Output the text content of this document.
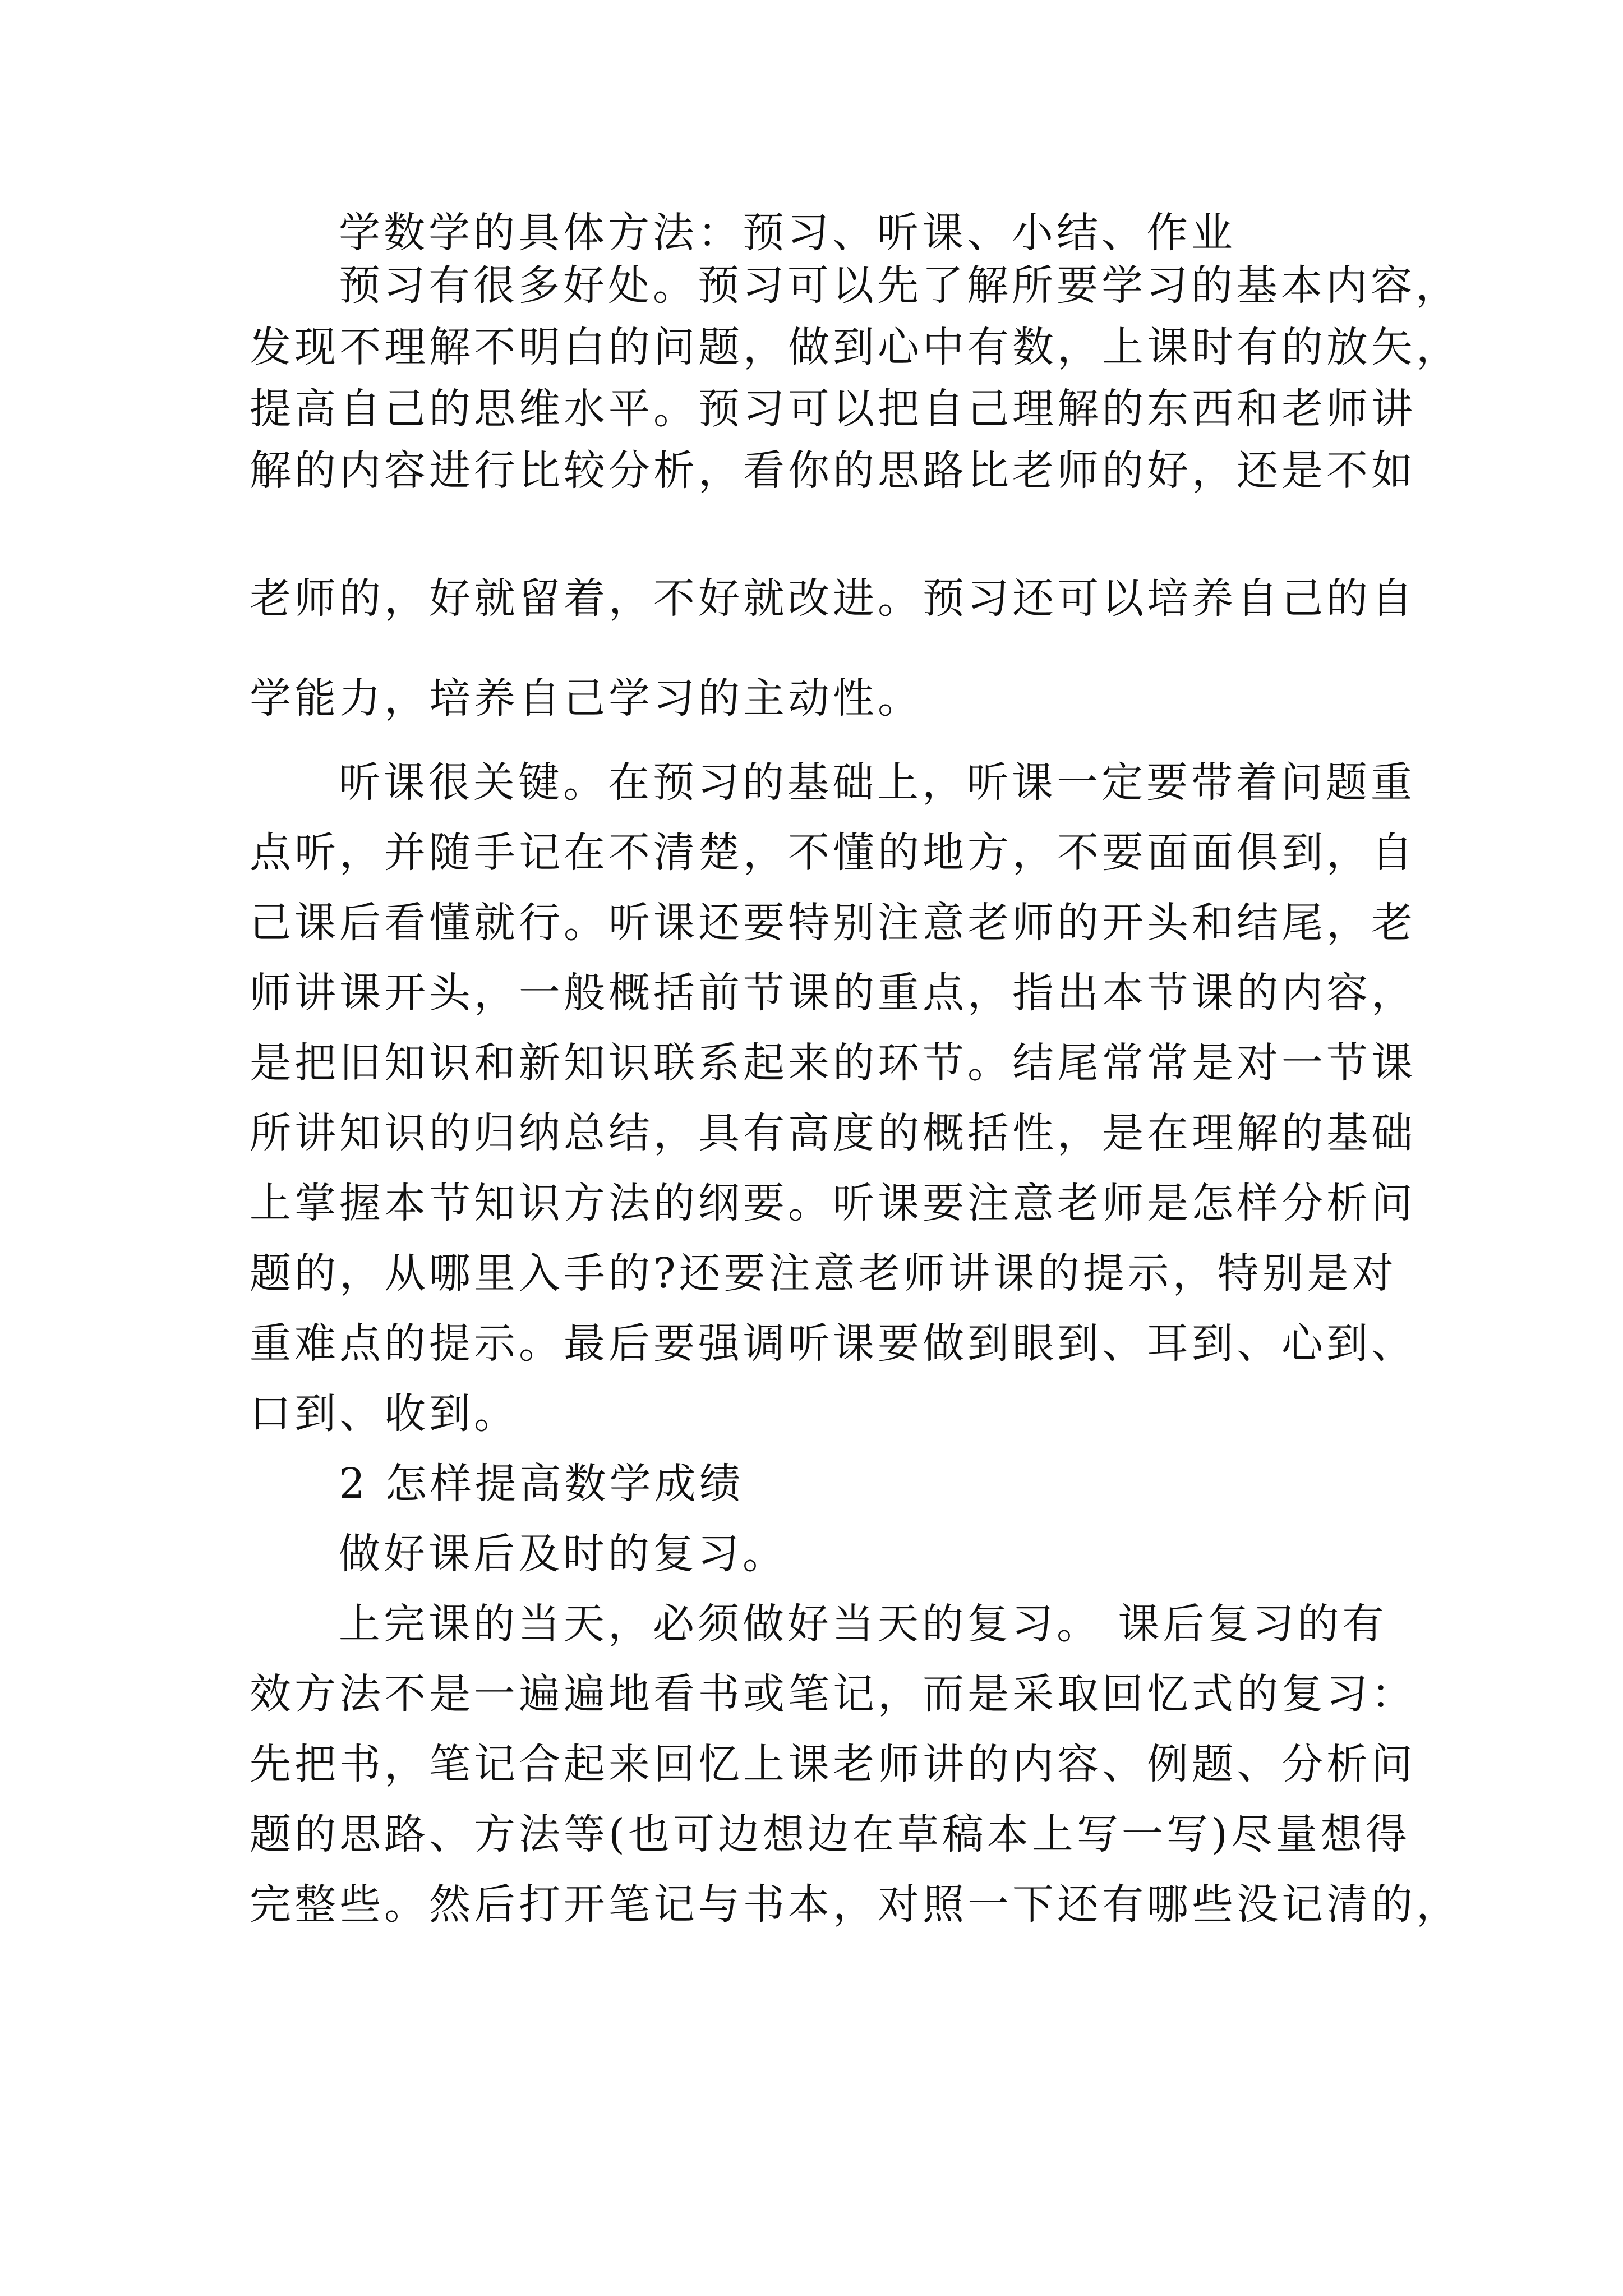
学数学的具体方法：预习、听课、小结、作业
预习有很多好处。预习可以先了解所要学习的基本内容，
发现不理解不明白的问题，做到心中有数，上课时有的放矢，
提高自己的思维水平。预习可以把自己理解的东西和老师讲
解的内容进行比较分析，看你的思路比老师的好，还是不如
老师的，好就留着，不好就改进。预习还可以培养自己的自
学能力，培养自己学习的主动性。
听课很关键。在预习的基础上，听课一定要带着问题重
点听，并随手记在不清楚，不懂的地方，不要面面俱到，自
己课后看懂就行。听课还要特别注意老师的开头和结尾，老
师讲课开头，一般概括前节课的重点，指出本节课的内容，
是把旧知识和新知识联系起来的环节。结尾常常是对一节课
所讲知识的归纳总结，具有高度的概括性，是在理解的基础
上掌握本节知识方法的纲要。听课要注意老师是怎样分析问
题的，从哪里入手的?还要注意老师讲课的提示，特别是对
重难点的提示。最后要强调听课要做到眼到、耳到、心到、
口到、收到。
2 怎样提高数学成绩
做好课后及时的复习。
上完课的当天，必须做好当天的复习。 课后复习的有
效方法不是一遍遍地看书或笔记，而是采取回忆式的复习：
先把书，笔记合起来回忆上课老师讲的内容、例题、分析问
题的思路、方法等(也可边想边在草稿本上写一写)尽量想得
完整些。然后打开笔记与书本，对照一下还有哪些没记清的，
